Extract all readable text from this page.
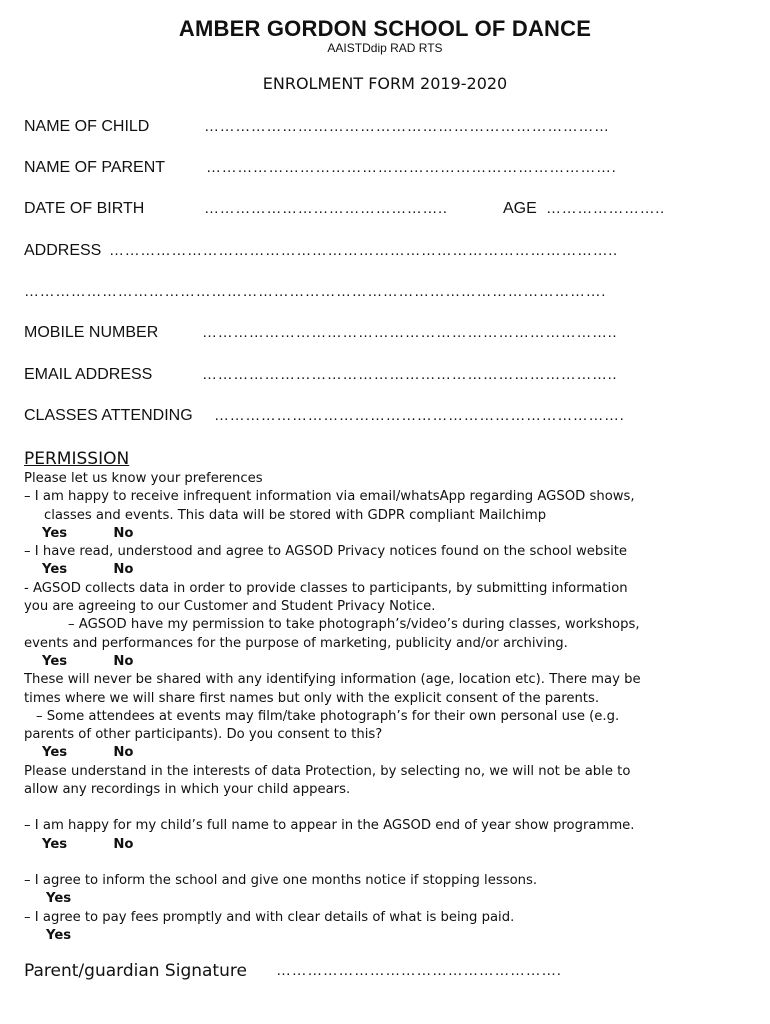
AMBER GORDON SCHOOL OF DANCE
AAISTDdip RAD RTS
ENROLMENT FORM 2019-2020
NAME OF CHILD	……………………………………………………………………
NAME OF PARENT	…………………………………………………………………….
DATE OF BIRTH	………………………………………..	AGE …………………..
ADDRESS ……………………………………………………………………………………..
………………………………………………………………………………………………….
MOBILE NUMBER	……………………………………………………………………..
EMAIL ADDRESS	……………………………………………………………………..
CLASSES ATTENDING …………………………………………………………………….
PERMISSION
Please let us know your preferences
– I am happy to receive infrequent information via email/whatsApp regarding AGSOD shows,
classes and events. This data will be stored with GDPR compliant Mailchimp
Yes	No
– I have read, understood and agree to AGSOD Privacy notices found on the school website
Yes	No
- AGSOD collects data in order to provide classes to participants, by submitting information
you are agreeing to our Customer and Student Privacy Notice.
– AGSOD have my permission to take photograph’s/video’s during classes, workshops,
events and performances for the purpose of marketing, publicity and/or archiving.
Yes	No
These will never be shared with any identifying information (age, location etc). There may be
times where we will share first names but only with the explicit consent of the parents.
– Some attendees at events may film/take photograph’s for their own personal use (e.g.
parents of other participants). Do you consent to this?
Yes	No
Please understand in the interests of data Protection, by selecting no, we will not be able to
allow any recordings in which your child appears.
– I am happy for my child’s full name to appear in the AGSOD end of year show programme.
Yes	No
– I agree to inform the school and give one months notice if stopping lessons.
Yes
– I agree to pay fees promptly and with clear details of what is being paid.
Yes
Parent/guardian Signature ……………………………………………….
